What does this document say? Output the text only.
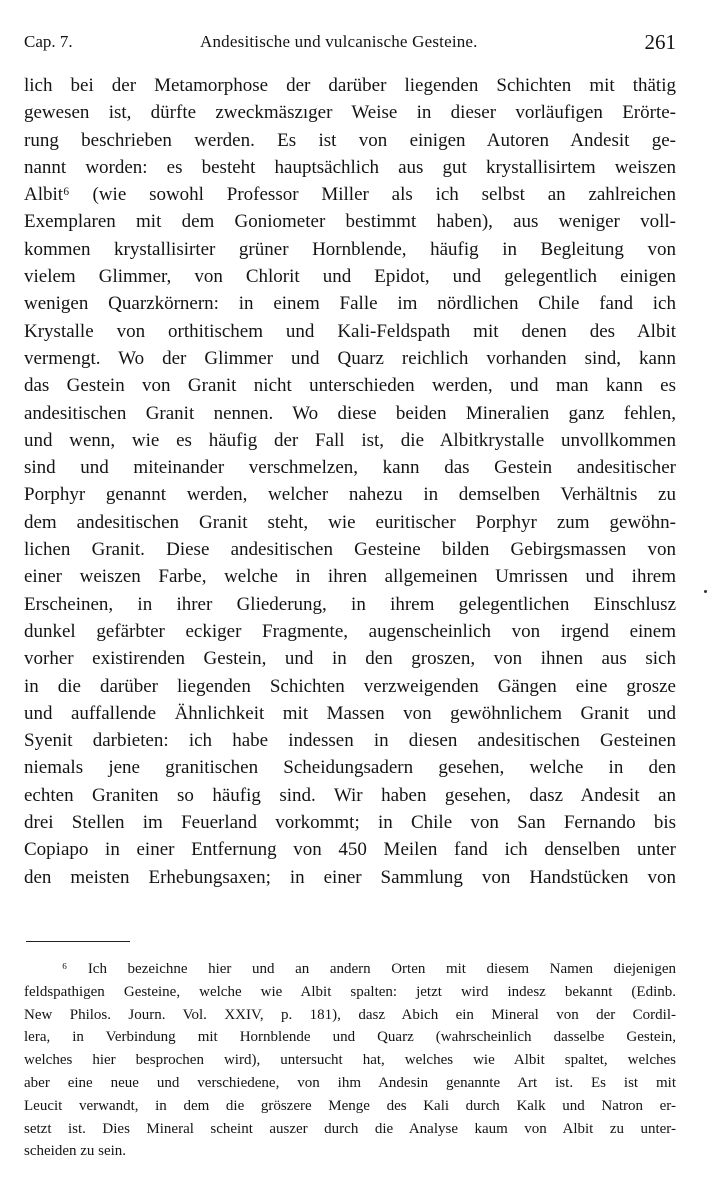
Cap. 7.	Andesitische und vulcanische Gesteine.	261
lich bei der Metamorphose der darüber liegenden Schichten mit thätig
gewesen ist, dürfte zweckmäszıger Weise in dieser vorläufigen Erörte-
rung beschrieben werden. Es ist von einigen Autoren Andesit ge-
nannt worden: es besteht hauptsächlich aus gut krystallisirtem weiszen
Albit⁶ (wie sowohl Professor Miller als ich selbst an zahlreichen
Exemplaren mit dem Goniometer bestimmt haben), aus weniger voll-
kommen krystallisirter grüner Hornblende, häufig in Begleitung von
vielem Glimmer, von Chlorit und Epidot, und gelegentlich einigen
wenigen Quarzkörnern: in einem Falle im nördlichen Chile fand ich
Krystalle von orthitischem und Kali-Feldspath mit denen des Albit
vermengt. Wo der Glimmer und Quarz reichlich vorhanden sind, kann
das Gestein von Granit nicht unterschieden werden, und man kann es
andesitischen Granit nennen. Wo diese beiden Mineralien ganz fehlen,
und wenn, wie es häufig der Fall ist, die Albitkrystalle unvollkommen
sind und miteinander verschmelzen, kann das Gestein andesitischer
Porphyr genannt werden, welcher nahezu in demselben Verhältnis zu
dem andesitischen Granit steht, wie euritischer Porphyr zum gewöhn-
lichen Granit. Diese andesitischen Gesteine bilden Gebirgsmassen von
einer weiszen Farbe, welche in ihren allgemeinen Umrissen und ihrem
Erscheinen, in ihrer Gliederung, in ihrem gelegentlichen Einschlusz
dunkel gefärbter eckiger Fragmente, augenscheinlich von irgend einem
vorher existirenden Gestein, und in den groszen, von ihnen aus sich
in die darüber liegenden Schichten verzweigenden Gängen eine grosze
und auffallende Ähnlichkeit mit Massen von gewöhnlichem Granit und
Syenit darbieten: ich habe indessen in diesen andesitischen Gesteinen
niemals jene granitischen Scheidungsadern gesehen, welche in den
echten Graniten so häufig sind. Wir haben gesehen, dasz Andesit an
drei Stellen im Feuerland vorkommt; in Chile von San Fernando bis
Copiapo in einer Entfernung von 450 Meilen fand ich denselben unter
den meisten Erhebungsaxen; in einer Sammlung von Handstücken von
⁶ Ich bezeichne hier und an andern Orten mit diesem Namen diejenigen
feldspathigen Gesteine, welche wie Albit spalten: jetzt wird indesz bekannt (Edinb.
New Philos. Journ. Vol. XXIV, p. 181), dasz Abich ein Mineral von der Cordil-
lera, in Verbindung mit Hornblende und Quarz (wahrscheinlich dasselbe Gestein,
welches hier besprochen wird), untersucht hat, welches wie Albit spaltet, welches
aber eine neue und verschiedene, von ihm Andesin genannte Art ist. Es ist mit
Leucit verwandt, in dem die gröszere Menge des Kali durch Kalk und Natron er-
setzt ist. Dies Mineral scheint auszer durch die Analyse kaum von Albit zu unter-
scheiden zu sein.
